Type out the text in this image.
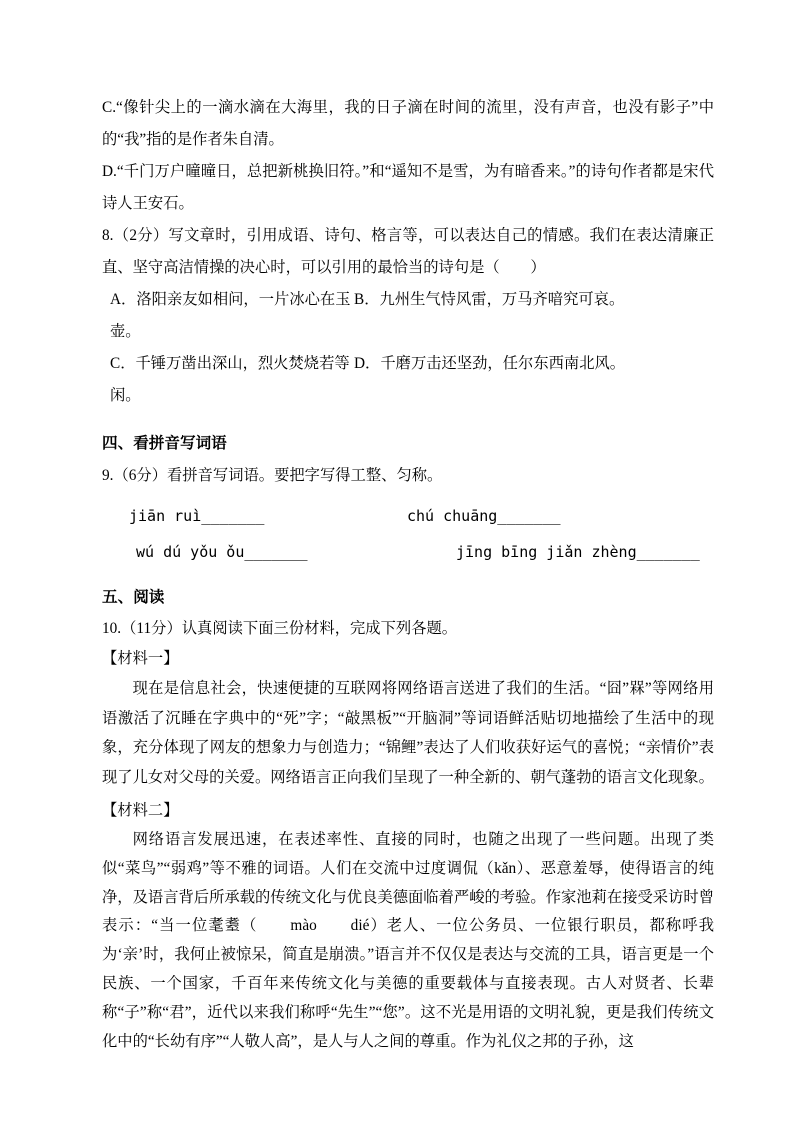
C.“像针尖上的一滴水滴在大海里，我的日子滴在时间的流里，没有声音，也没有影子”中的“我”指的是作者朱自清。

D.“千门万户曈曈日，总把新桃换旧符。”和“遥知不是雪，为有暗香来。”的诗句作者都是宋代诗人王安石。

8.（2分）写文章时，引用成语、诗句、格言等，可以表达自己的情感。我们在表达清廉正直、坚守高洁情操的决心时，可以引用的最恰当的诗句是（　　）

A．洛阳亲友如相问，一片冰心在玉壶。
B．九州生气恃风雷，万马齐喑究可哀。
C．千锤万凿出深山，烈火焚烧若等闲。
D．千磨万击还坚劲，任尔东西南北风。
四、看拼音写词语

9.（6分）看拼音写词语。要把字写得工整、匀称。

jiān ruì_______	chú chuāng_______
wú dú yǒu ǒu_______	jīng bīng jiǎn zhèng_______
五、阅读

10.（11分）认真阅读下面三份材料，完成下列各题。

【材料一】

现在是信息社会，快速便捷的互联网将网络语言送进了我们的生活。“囧”槑”等网络用语激活了沉睡在字典中的“死”字；“敲黑板”“开脑洞”等词语鲜活贴切地描绘了生活中的现象，充分体现了网友的想象力与创造力；“锦鲤”表达了人们收获好运气的喜悦；“亲情价”表现了儿女对父母的关爱。网络语言正向我们呈现了一种全新的、朝气蓬勃的语言文化现象。

【材料二】

网络语言发展迅速，在表述率性、直接的同时，也随之出现了一些问题。出现了类似“菜鸟”“弱鸡”等不雅的词语。人们在交流中过度调侃（kǎn）、恶意羞辱，使得语言的纯净，及语言背后所承载的传统文化与优良美德面临着严峻的考验。作家池莉在接受采访时曾表示：“当一位耄耋（　　mào　　dié）老人、一位公务员、一位银行职员，都称呼我为‘亲’时，我何止被惊呆，简直是崩溃。”语言并不仅仅是表达与交流的工具，语言更是一个民族、一个国家，千百年来传统文化与美德的重要载体与直接表现。古人对贤者、长辈称“子”称“君”，近代以来我们称呼“先生”“您”。这不光是用语的文明礼貌，更是我们传统文化中的“长幼有序”“人敬人高”，是人与人之间的尊重。作为礼仪之邦的子孙，这
